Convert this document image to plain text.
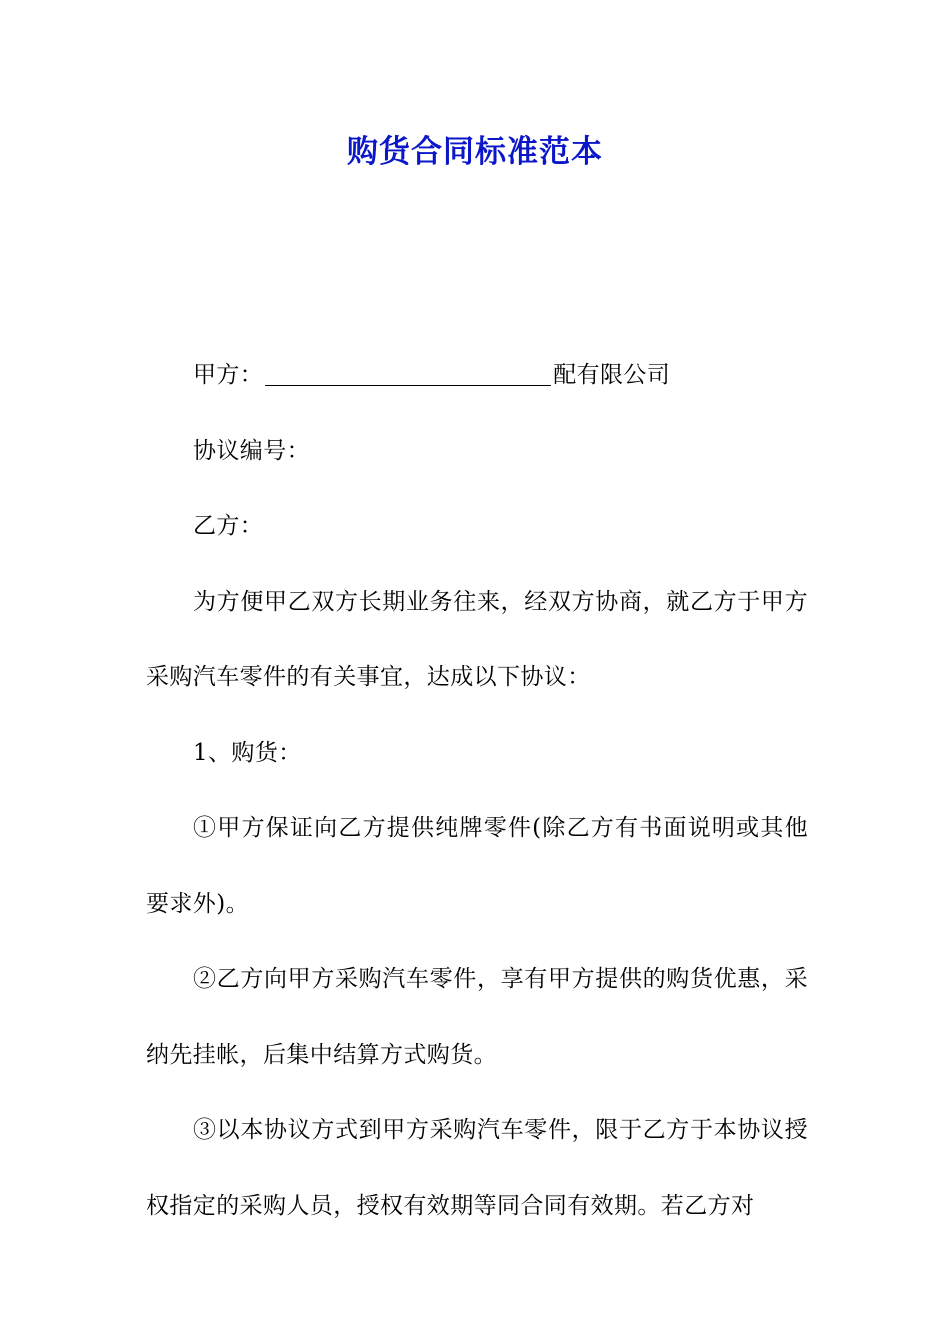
购货合同标准范本

甲方：	配有限公司

协议编号：

乙方：

为方便甲乙双方长期业务往来，经双方协商，就乙方于甲方采购汽车零件的有关事宜，达成以下协议：

1、购货：

①甲方保证向乙方提供纯牌零件(除乙方有书面说明或其他要求外)。

②乙方向甲方采购汽车零件，享有甲方提供的购货优惠，采纳先挂帐，后集中结算方式购货。

③以本协议方式到甲方采购汽车零件，限于乙方于本协议授权指定的采购人员，授权有效期等同合同有效期。若乙方对
